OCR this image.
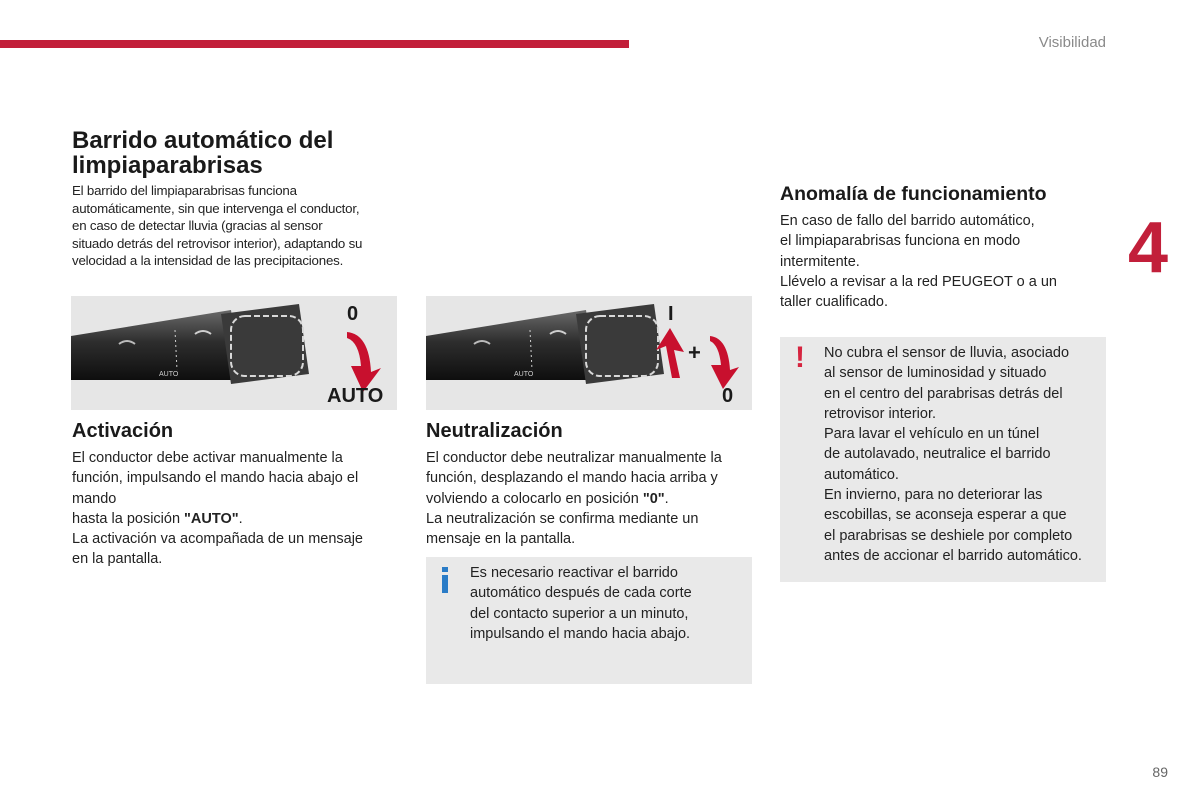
Visibilidad
4
Barrido automático del
limpiaparabrisas
El barrido del limpiaparabrisas funciona
automáticamente, sin que intervenga el conductor,
en caso de detectar lluvia (gracias al sensor
situado detrás del retrovisor interior), adaptando su
velocidad a la intensidad de las precipitaciones.
AUTO
0
AUTO
AUTO
I
+
0
Activación
El conductor debe activar manualmente la
función, impulsando el mando hacia abajo el mando
hasta la posición "AUTO".
La activación va acompañada de un mensaje
en la pantalla.
Neutralización
El conductor debe neutralizar manualmente la
función, desplazando el mando hacia arriba y
volviendo a colocarlo en posición "0".
La neutralización se confirma mediante un
mensaje en la pantalla.
Es necesario reactivar el barrido
automático después de cada corte
del contacto superior a un minuto,
impulsando el mando hacia abajo.
Anomalía de funcionamiento
En caso de fallo del barrido automático,
el limpiaparabrisas funciona en modo
intermitente.
Llévelo a revisar a la red PEUGEOT o a un
taller cualificado.
! No cubra el sensor de lluvia, asociado
al sensor de luminosidad y situado
en el centro del parabrisas detrás del
retrovisor interior.
Para lavar el vehículo en un túnel
de autolavado, neutralice el barrido
automático.
En invierno, para no deteriorar las
escobillas, se aconseja esperar a que
el parabrisas se deshiele por completo
antes de accionar el barrido automático.
89
